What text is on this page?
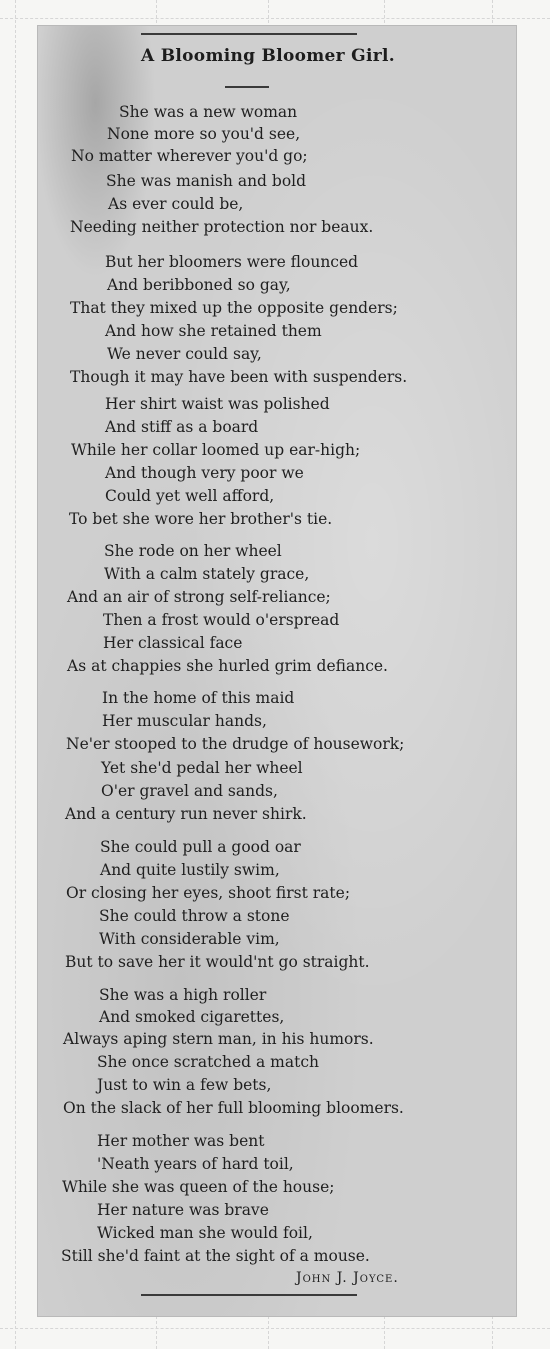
A Blooming Bloomer Girl.
She was a new woman
None more so you'd see,
No matter wherever you'd go;
She was manish and bold
As ever could be,
Needing neither protection nor beaux.
But her bloomers were flounced
And beribboned so gay,
That they mixed up the opposite genders;
And how she retained them
We never could say,
Though it may have been with suspenders.
Her shirt waist was polished
And stiff as a board
While her collar loomed up ear-high;
And though very poor we
Could yet well afford,
To bet she wore her brother's tie.
She rode on her wheel
With a calm stately grace,
And an air of strong self-reliance;
Then a frost would o'erspread
Her classical face
As at chappies she hurled grim defiance.
In the home of this maid
Her muscular hands,
Ne'er stooped to the drudge of housework;
Yet she'd pedal her wheel
O'er gravel and sands,
And a century run never shirk.
She could pull a good oar
And quite lustily swim,
Or closing her eyes, shoot first rate;
She could throw a stone
With considerable vim,
But to save her it would'nt go straight.
She was a high roller
And smoked cigarettes,
Always aping stern man, in his humors.
She once scratched a match
Just to win a few bets,
On the slack of her full blooming bloomers.
Her mother was bent
'Neath years of hard toil,
While she was queen of the house;
Her nature was brave
Wicked man she would foil,
Still she'd faint at the sight of a mouse.
John J. Joyce.
